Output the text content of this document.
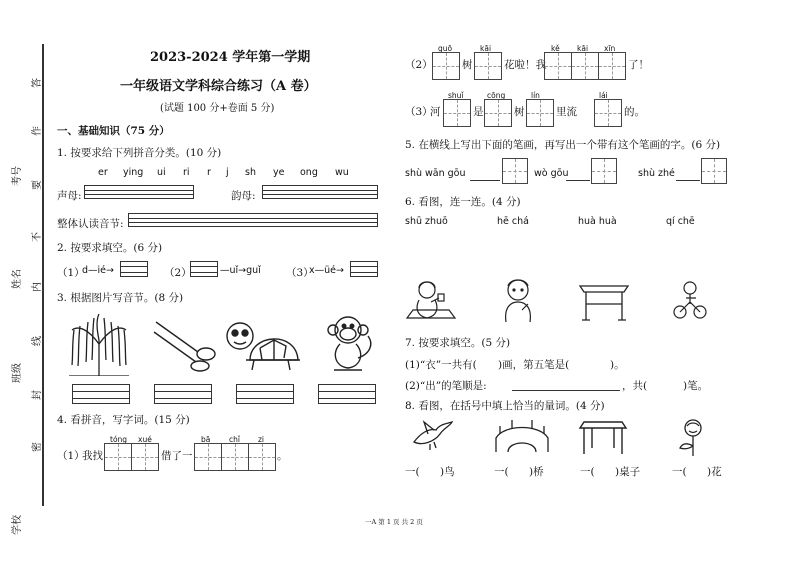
学校
班级
姓名
考号
密
封
线
内
不
要
作
答
2023-2024 学年第一学期
一年级语文学科综合练习（A 卷）
(试题 100 分+卷面 5 分)
一、基础知识（75 分）
1. 按要求给下列拼音分类。(10 分)
er ying ui ri r j sh ye ong wu
声母:	韵母:
整体认读音节:
2. 按要求填空。(6 分)
（1）
d—ié→	（2）	—uǐ→guǐ （3）
x—üé→
3. 根据图片写音节。(8 分)
4. 看拼音，写字词。(15 分)
tóng xué	bā chǐ zi
（1）
我找	借了一	。
guō	kāi	kě kāi xīn
（2）	树	花啦！我	了！
shuǐ	cōng	lín	lái
（3）
河	是	树	里流	的。
5. 在横线上写出下面的笔画，再写出一个带有这个笔画的字。(6 分)
shù wān gōu	wò gōu	shù zhé
6. 看图，连一连。(4 分)
shū zhuō	hē chá	huà huà	qí chē
7. 按要求填空。(5 分)
(1)“衣”一共有( )画，第五笔是(	)。
(2)“出”的笔顺是:	，共(	)笔。
8. 看图，在括号中填上恰当的量词。(4 分)
一( )鸟	一( )桥	一( )桌子	一( )花
一A 第 1 页 共 2 页
